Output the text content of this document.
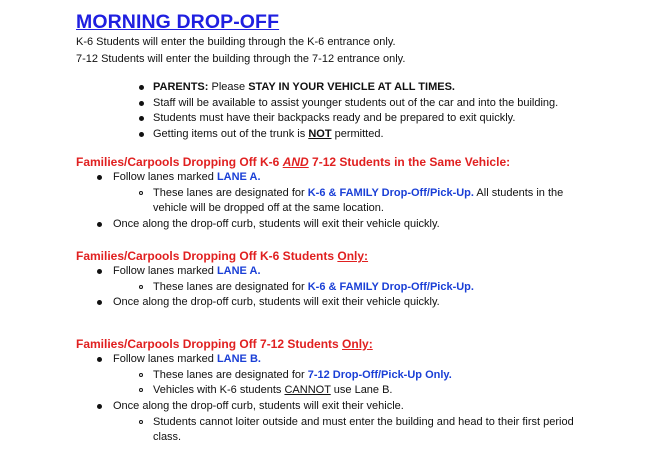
MORNING DROP-OFF
K-6 Students will enter the building through the K-6 entrance only.
7-12 Students will enter the building through the 7-12 entrance only.
PARENTS: Please STAY IN YOUR VEHICLE AT ALL TIMES.
Staff will be available to assist younger students out of the car and into the building.
Students must have their backpacks ready and be prepared to exit quickly.
Getting items out of the trunk is NOT permitted.
Families/Carpools Dropping Off K-6 AND 7-12 Students in the Same Vehicle:
Follow lanes marked LANE A.
These lanes are designated for K-6 & FAMILY Drop-Off/Pick-Up. All students in the
vehicle will be dropped off at the same location.
Once along the drop-off curb, students will exit their vehicle quickly.
Families/Carpools Dropping Off K-6 Students Only:
Follow lanes marked LANE A.
These lanes are designated for K-6 & FAMILY Drop-Off/Pick-Up.
Once along the drop-off curb, students will exit their vehicle quickly.
Families/Carpools Dropping Off 7-12 Students Only:
Follow lanes marked LANE B.
These lanes are designated for 7-12 Drop-Off/Pick-Up Only.
Vehicles with K-6 students CANNOT use Lane B.
Once along the drop-off curb, students will exit their vehicle.
Students cannot loiter outside and must enter the building and head to their first period
class.
